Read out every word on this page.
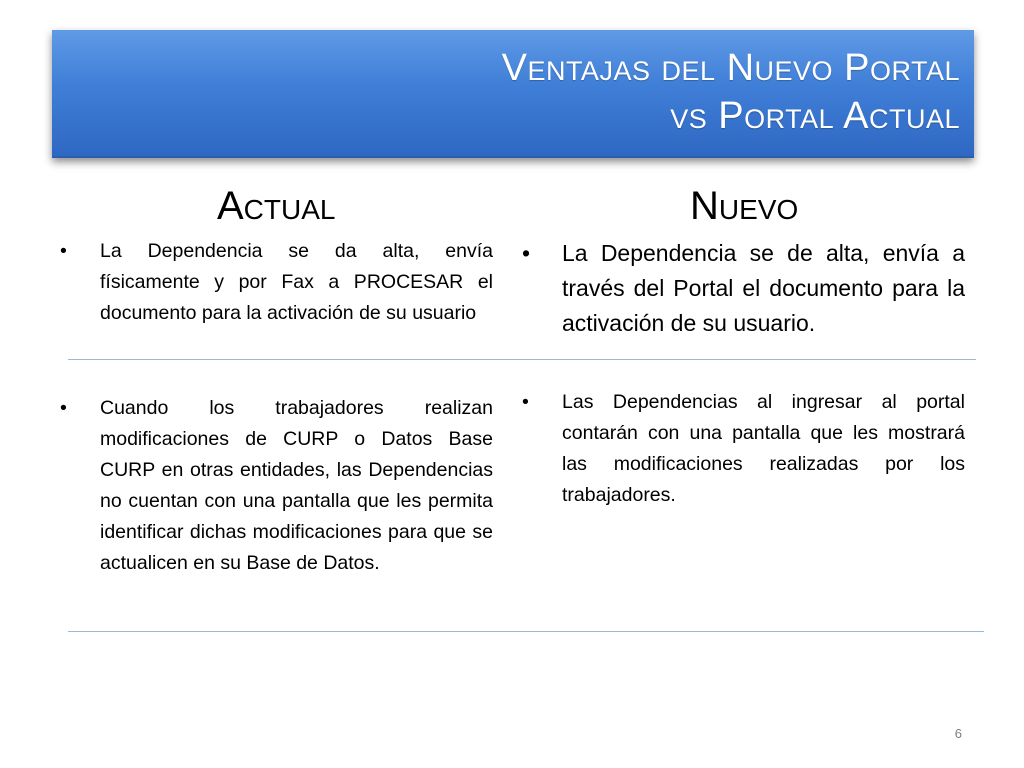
Ventajas del Nuevo Portal
vs Portal Actual
Actual	Nuevo
• La Dependencia se da alta, envía físicamente y por Fax a PROCESAR el documento para la activación de su usuario
• La Dependencia se de alta, envía a través del Portal el documento para la activación de su usuario.
• Cuando los trabajadores realizan modificaciones de CURP o Datos Base CURP en otras entidades, las Dependencias no cuentan con una pantalla que les permita identificar dichas modificaciones para que se actualicen en su Base de Datos.
• Las Dependencias al ingresar al portal contarán con una pantalla que les mostrará las modificaciones realizadas por los trabajadores.
6
